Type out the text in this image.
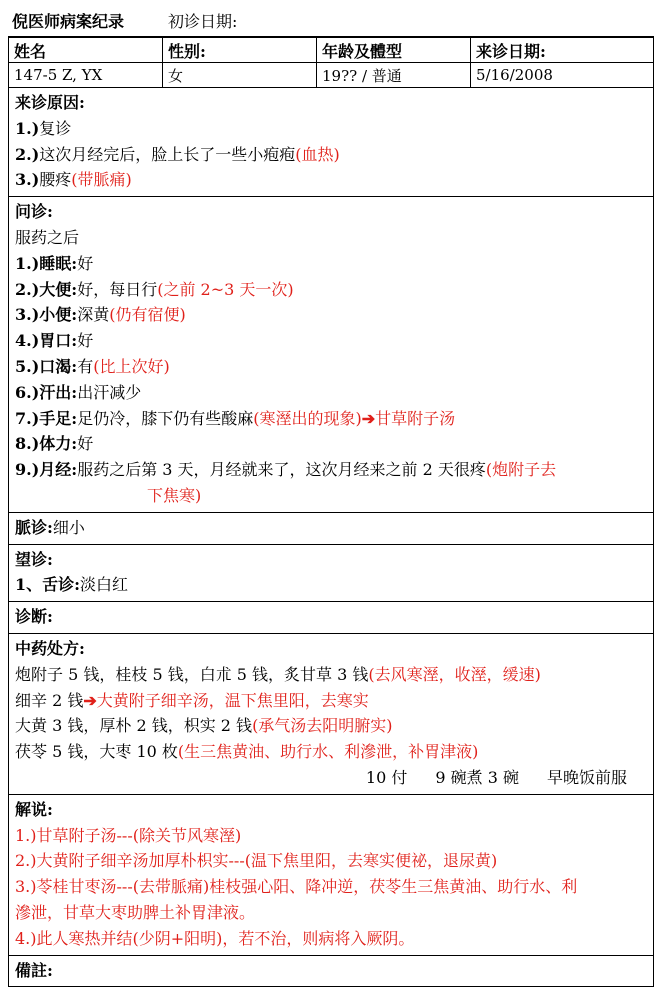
倪医师病案纪录	初诊日期:
姓名	性别:	年龄及體型	来诊日期:
147-5 Z, YX	女	19?? / 普通	5/16/2008
来诊原因:
1.)复诊
2.)这次月经完后，脸上长了一些小疱疱(血热)
3.)腰疼(带脈痛)
问诊:
服药之后
1.)睡眠:好
2.)大便:好，每日行(之前 2~3 天一次)
3.)小便:深黄(仍有宿便)
4.)胃口:好
5.)口渴:有(比上次好)
6.)汗出:出汗减少
7.)手足:足仍冷，膝下仍有些酸麻(寒溼出的现象)➔甘草附子汤
8.)体力:好
9.)月经:服药之后第 3 天，月经就来了，这次月经来之前 2 天很疼(炮附子去
下焦寒)
脈诊:细小
望诊:
1、舌诊:淡白红
诊断:
中药处方:
炮附子 5 钱，桂枝 5 钱，白朮 5 钱，炙甘草 3 钱(去风寒溼，收溼，缓速)
细辛 2 钱➔大黄附子细辛汤，温下焦里阳，去寒实
大黄 3 钱，厚朴 2 钱，枳实 2 钱(承气汤去阳明腑实)
茯苓 5 钱，大枣 10 枚(生三焦黄油、助行水、利滲泄，补胃津液)
10 付 9 碗煮 3 碗 早晚饭前服
解说:
1.)甘草附子汤---(除关节风寒溼)
2.)大黄附子细辛汤加厚朴枳实---(温下焦里阳，去寒实便祕，退尿黄)
3.)苓桂甘枣汤---(去带脈痛)桂枝强心阳、降冲逆，茯苓生三焦黄油、助行水、利
滲泄，甘草大枣助脾土补胃津液。
4.)此人寒热并结(少阴+阳明)，若不治，则病将入厥阴。
備註:
